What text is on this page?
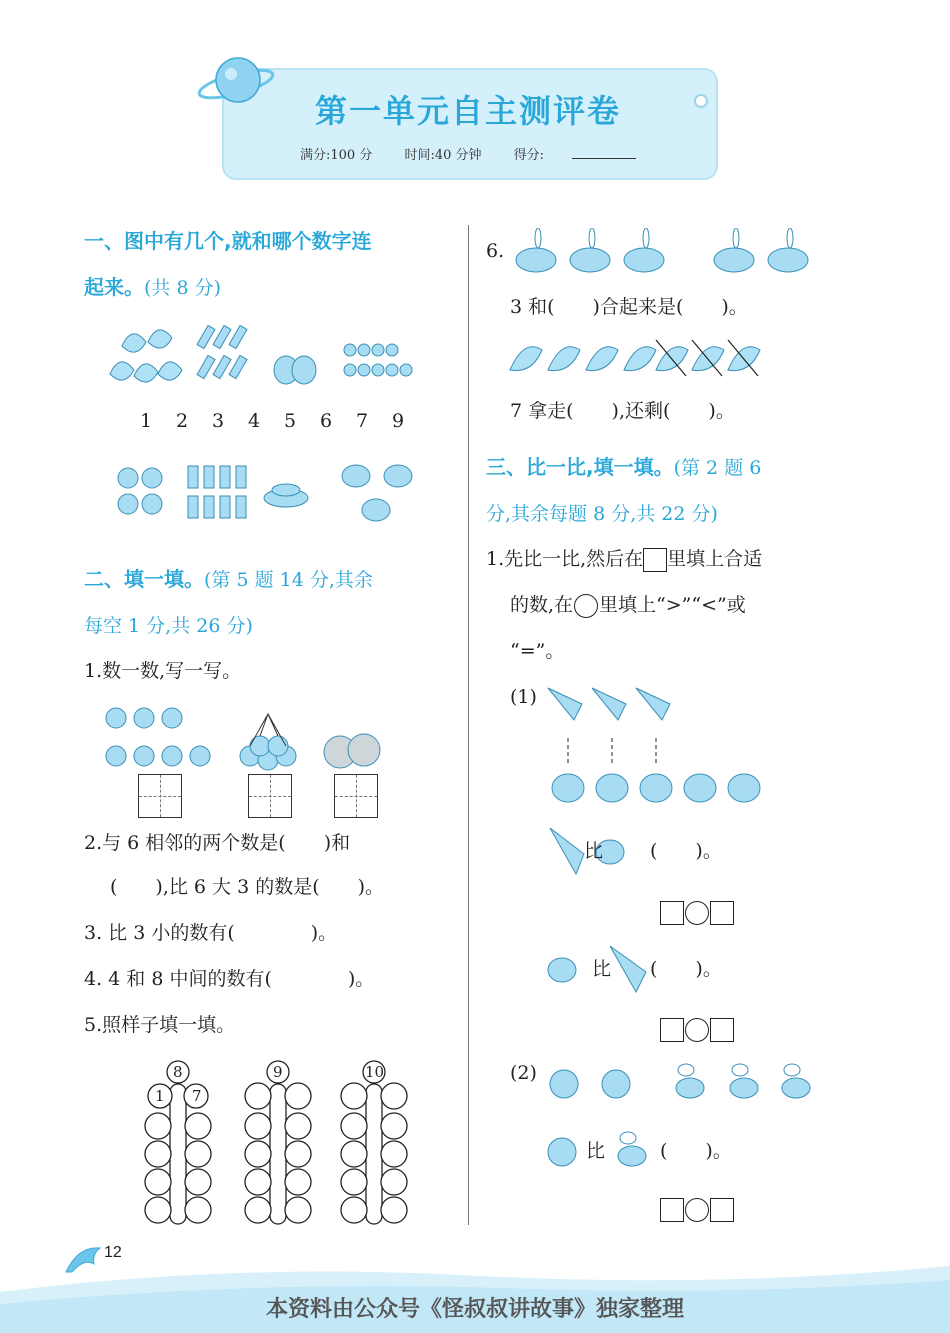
第一单元自主测评卷
满分:100 分 时间:40 分钟 得分:
一、图中有几个,就和哪个数字连
起来。(共 8 分)
1 2 3 4 5 6 7 9
二、填一填。(第 5 题 14 分,其余
每空 1 分,共 26 分)
1.数一数,写一写。
2.与 6 相邻的两个数是(　　)和
(　　),比 6 大 3 的数是(　　)。
3. 比 3 小的数有(　　　　)。
4. 4 和 8 中间的数有(　　　　)。
5.照样子填一填。
8	9	10
1 7
6.
3 和(　　)合起来是(　　)。
7 拿走(　　),还剩(　　)。
三、比一比,填一填。(第 2 题 6
分,其余每题 8 分,共 22 分)
1.先比一比,然后在 里填上合适
的数,在 里填上“>”“<”或
“=”。
(1)
比 (　　)。
比 (　　)。
(2)
比	(　　)。
12
本资料由公众号《怪叔叔讲故事》独家整理
